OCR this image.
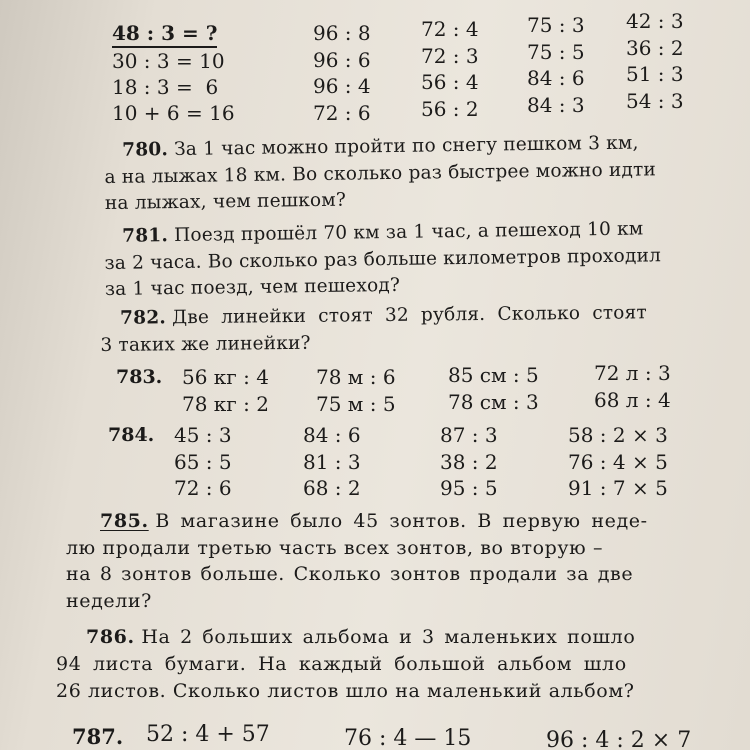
48 : 3 = ?
30 : 3 = 10
18 : 3 =  6
10 + 6 = 16
96 : 8
96 : 6
96 : 4
72 : 6
72 : 4
72 : 3
56 : 4
56 : 2
75 : 3
75 : 5
84 : 6
84 : 3
42 : 3
36 : 2
51 : 3
54 : 3
780. За 1 час можно пройти по снегу пешком 3 км,
а на лыжах 18 км. Во сколько раз быстрее можно идти
на лыжах, чем пешком?
781. Поезд прошёл 70 км за 1 час, а пешеход 10 км
за 2 часа. Во сколько раз больше километров проходил
за 1 час поезд, чем пешеход?
782. Две линейки стоят 32 рубля. Сколько стоят
3 таких же линейки?
783. 56 кг : 4
78 кг : 2
78 м : 6
75 м : 5
85 см : 5
78 см : 3
72 л : 3
68 л : 4
784. 45 : 3
65 : 5
72 : 6
84 : 6
81 : 3
68 : 2
87 : 3
38 : 2
95 : 5
58 : 2 × 3
76 : 4 × 5
91 : 7 × 5
785. В магазине было 45 зонтов. В первую неде-
лю продали третью часть всех зонтов, во вторую –
на 8 зонтов больше. Сколько зонтов продали за две
недели?
786. На 2 больших альбома и 3 маленьких пошло
94 листа бумаги. На каждый большой альбом шло
26 листов. Сколько листов шло на маленький альбом?
787. 52 : 4 + 57	76 : 4 — 15	96 : 4 : 2 × 7
